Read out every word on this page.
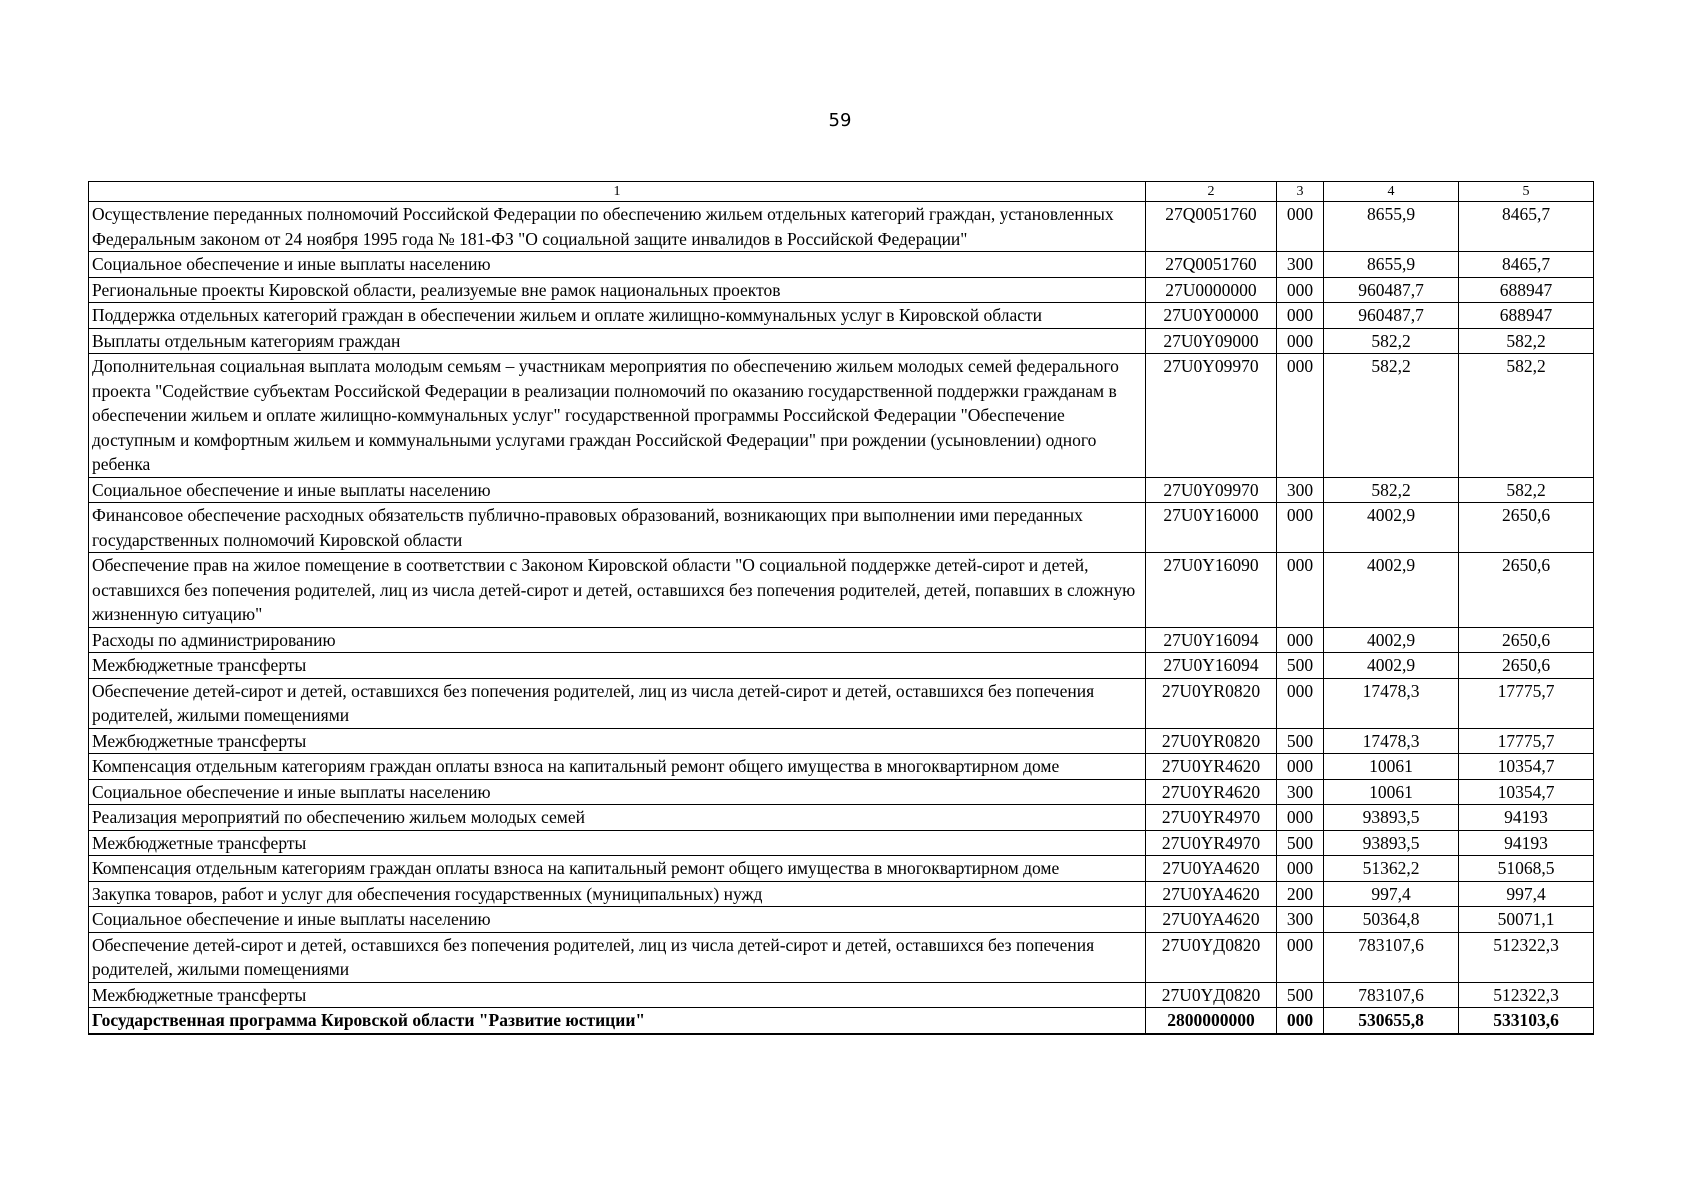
59
1	2	3	4	5
Осуществление переданных полномочий Российской Федерации по обеспечению жильем отдельных категорий граждан, установленных Федеральным законом от 24 ноября 1995 года № 181-ФЗ "О социальной защите инвалидов в Российской Федерации"	27Q0051760	000	8655,9	8465,7
Социальное обеспечение и иные выплаты населению	27Q0051760	300	8655,9	8465,7
Региональные проекты Кировской области, реализуемые вне рамок национальных проектов	27U0000000	000	960487,7	688947
Поддержка отдельных категорий граждан в обеспечении жильем и оплате жилищно-коммунальных услуг в Кировской области	27U0Y00000	000	960487,7	688947
Выплаты отдельным категориям граждан	27U0Y09000	000	582,2	582,2
Дополнительная социальная выплата молодым семьям – участникам мероприятия по обеспечению жильем молодых семей федерального проекта "Содействие субъектам Российской Федерации в реализации полномочий по оказанию государственной поддержки гражданам в обеспечении жильем и оплате жилищно-коммунальных услуг" государственной программы Российской Федерации "Обеспечение доступным и комфортным жильем и коммунальными услугами граждан Российской Федерации" при рождении (усыновлении) одного ребенка	27U0Y09970	000	582,2	582,2
Социальное обеспечение и иные выплаты населению	27U0Y09970	300	582,2	582,2
Финансовое обеспечение расходных обязательств публично-правовых образований, возникающих при выполнении ими переданных государственных полномочий Кировской области	27U0Y16000	000	4002,9	2650,6
Обеспечение прав на жилое помещение в соответствии с Законом Кировской области "О социальной поддержке детей-сирот и детей, оставшихся без попечения родителей, лиц из числа детей-сирот и детей, оставшихся без попечения родителей, детей, попавших в сложную жизненную ситуацию"	27U0Y16090	000	4002,9	2650,6
Расходы по администрированию	27U0Y16094	000	4002,9	2650,6
Межбюджетные трансферты	27U0Y16094	500	4002,9	2650,6
Обеспечение детей-сирот и детей, оставшихся без попечения родителей, лиц из числа детей-сирот и детей, оставшихся без попечения родителей, жилыми помещениями	27U0YR0820	000	17478,3	17775,7
Межбюджетные трансферты	27U0YR0820	500	17478,3	17775,7
Компенсация отдельным категориям граждан оплаты взноса на капитальный ремонт общего имущества в многоквартирном доме	27U0YR4620	000	10061	10354,7
Социальное обеспечение и иные выплаты населению	27U0YR4620	300	10061	10354,7
Реализация мероприятий по обеспечению жильем молодых семей	27U0YR4970	000	93893,5	94193
Межбюджетные трансферты	27U0YR4970	500	93893,5	94193
Компенсация отдельным категориям граждан оплаты взноса на капитальный ремонт общего имущества в многоквартирном доме	27U0YA4620	000	51362,2	51068,5
Закупка товаров, работ и услуг для обеспечения государственных (муниципальных) нужд	27U0YA4620	200	997,4	997,4
Социальное обеспечение и иные выплаты населению	27U0YA4620	300	50364,8	50071,1
Обеспечение детей-сирот и детей, оставшихся без попечения родителей, лиц из числа детей-сирот и детей, оставшихся без попечения родителей, жилыми помещениями	27U0YД0820	000	783107,6	512322,3
Межбюджетные трансферты	27U0YД0820	500	783107,6	512322,3
Государственная программа Кировской области "Развитие юстиции"	2800000000	000	530655,8	533103,6
